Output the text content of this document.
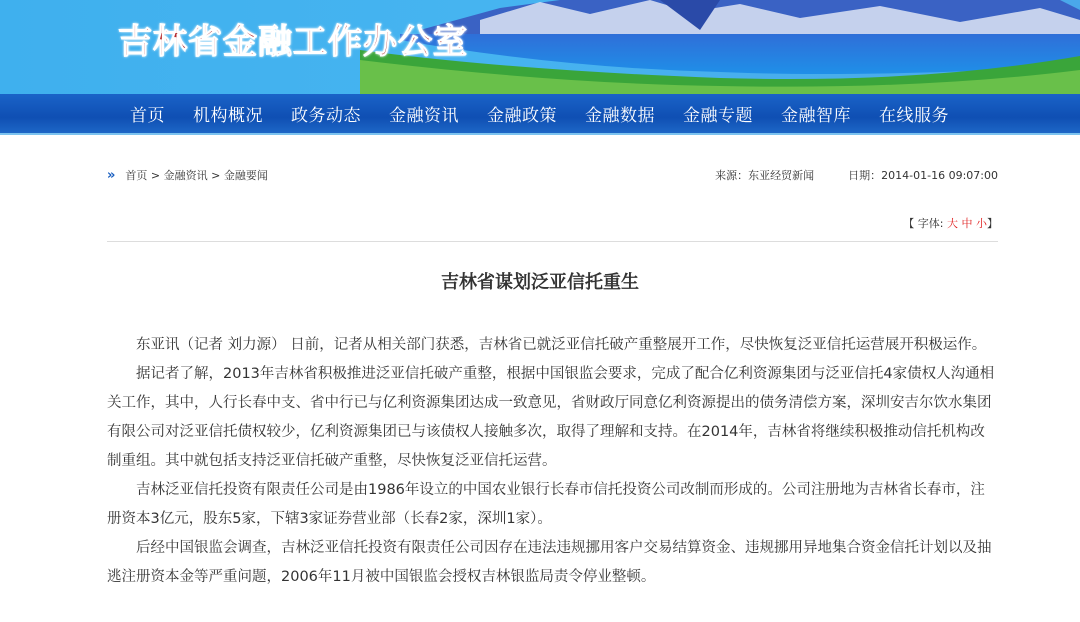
吉林省金融工作办公室
首页 机构概况 政务动态 金融资讯 金融政策 金融数据 金融专题 金融智库 在线服务
» 首页 > 金融资讯 > 金融要闻	来源：东亚经贸新闻	日期：2014-01-16 09:07:00
【 字体: 大 中 小】
吉林省谋划泛亚信托重生

东亚讯（记者 刘力源） 日前，记者从相关部门获悉，吉林省已就泛亚信托破产重整展开工作，尽快恢复泛亚信托运营展开积极运作。

据记者了解，2013年吉林省积极推进泛亚信托破产重整，根据中国银监会要求，完成了配合亿利资源集团与泛亚信托4家债权人沟通相关工作，其中，人行长春中支、省中行已与亿利资源集团达成一致意见，省财政厅同意亿利资源提出的债务清偿方案，深圳安吉尔饮水集团有限公司对泛亚信托债权较少，亿利资源集团已与该债权人接触多次，取得了理解和支持。在2014年，吉林省将继续积极推动信托机构改制重组。其中就包括支持泛亚信托破产重整，尽快恢复泛亚信托运营。

吉林泛亚信托投资有限责任公司是由1986年设立的中国农业银行长春市信托投资公司改制而形成的。公司注册地为吉林省长春市，注册资本3亿元，股东5家，下辖3家证券营业部（长春2家，深圳1家）。

后经中国银监会调查，吉林泛亚信托投资有限责任公司因存在违法违规挪用客户交易结算资金、违规挪用异地集合资金信托计划以及抽逃注册资本金等严重问题，2006年11月被中国银监会授权吉林银监局责令停业整顿。
